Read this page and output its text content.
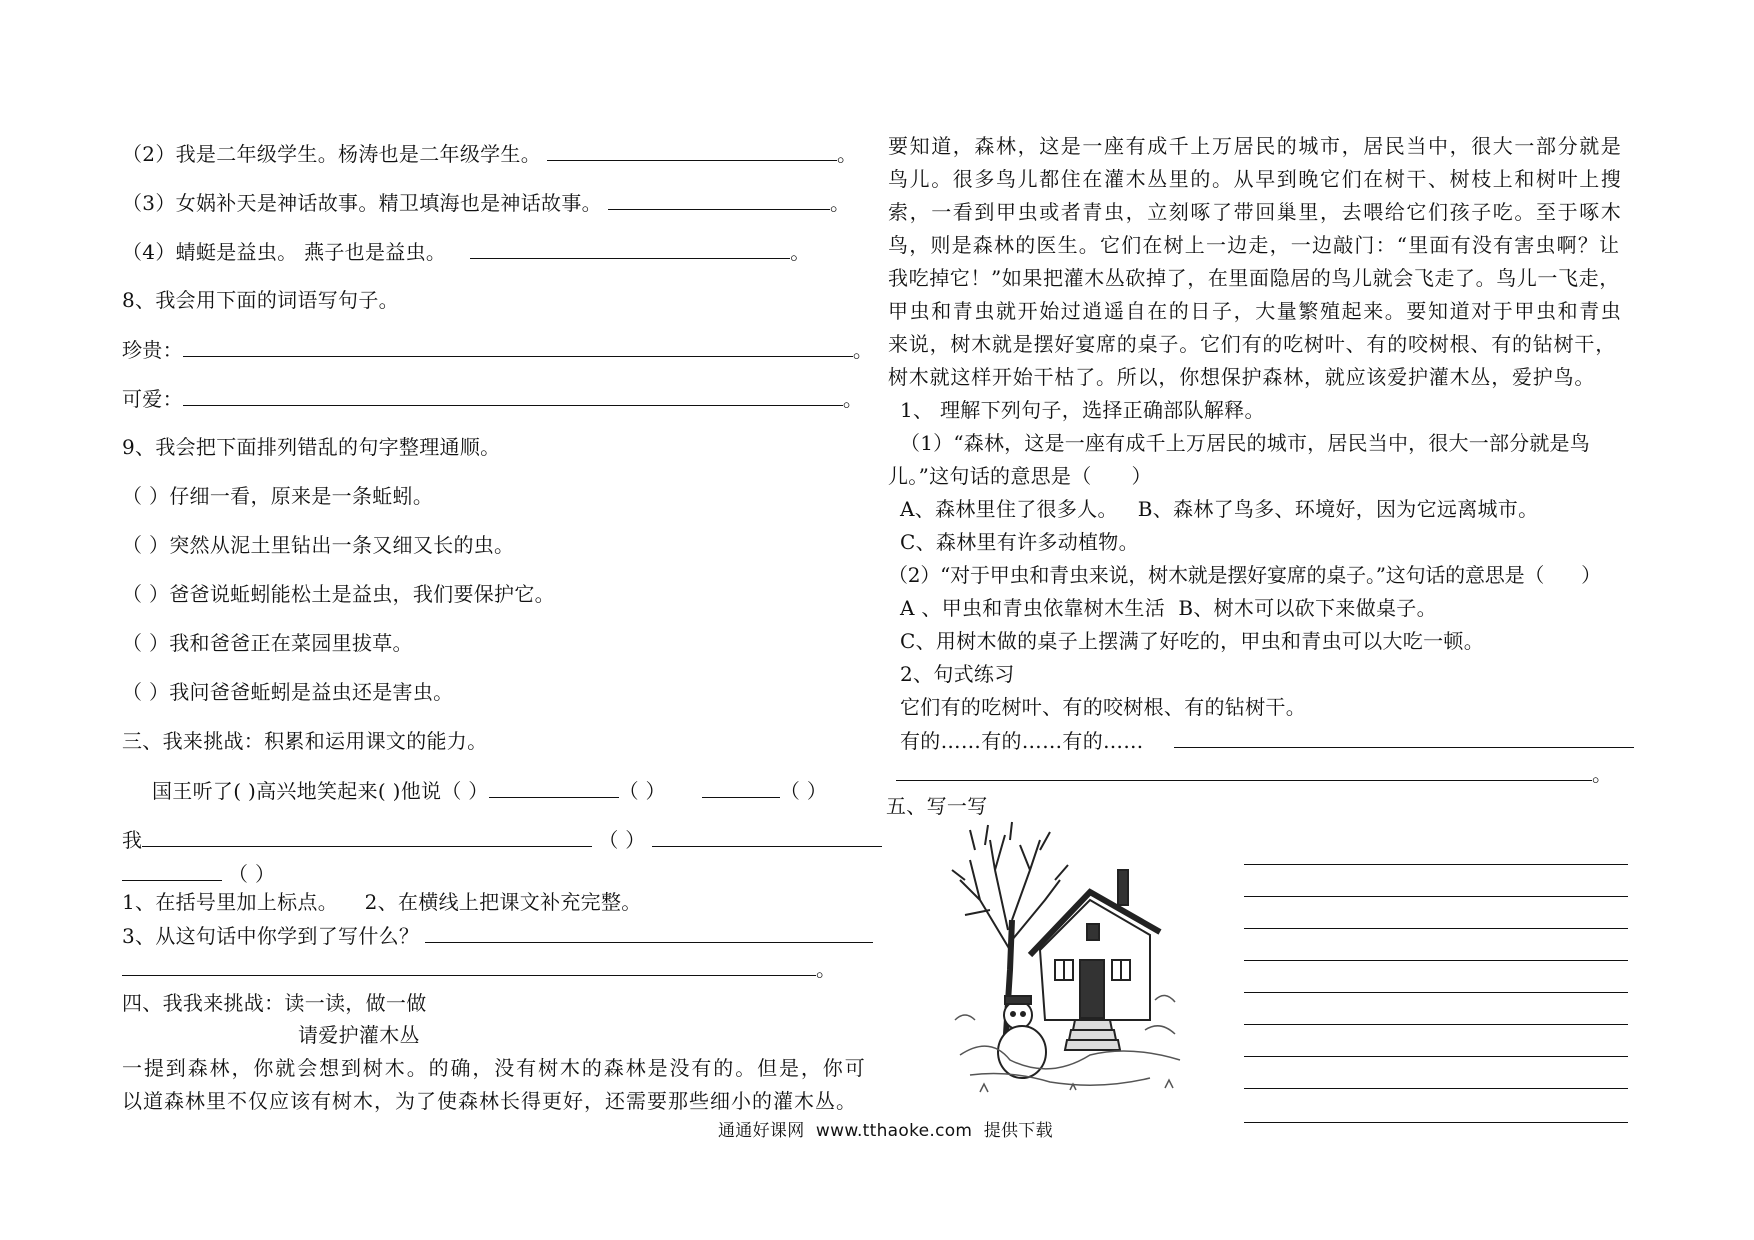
（2）我是二年级学生。杨涛也是二年级学生。	。
（3）女娲补天是神话故事。精卫填海也是神话故事。	。
（4）蜻蜓是益虫。 燕子也是益虫。	。
8、我会用下面的词语写句子。
珍贵：	。
可爱：	。
9、我会把下面排列错乱的句字整理通顺。
（ ）仔细一看，原来是一条蚯蚓。
（ ）突然从泥土里钻出一条又细又长的虫。
（ ）爸爸说蚯蚓能松土是益虫，我们要保护它。
（ ）我和爸爸正在菜园里拔草。
（ ）我问爸爸蚯蚓是益虫还是害虫。
三、我来挑战：积累和运用课文的能力。
国王听了( )高兴地笑起来( )他说（ ）	（ ）	（ ）
我	（ ）
（ ）
1、在括号里加上标点。    2、在横线上把课文补充完整。
3、从这句话中你学到了写什么？
。
四、我我来挑战：读一读，做一做
请爱护灌木丛
一提到森林，你就会想到树木。的确，没有树木的森林是没有的。但是，你可
以道森林里不仅应该有树木，为了使森林长得更好，还需要那些细小的灌木丛。
要知道，森林，这是一座有成千上万居民的城市，居民当中，很大一部分就是
鸟儿。很多鸟儿都住在灌木丛里的。从早到晚它们在树干、树枝上和树叶上搜
索，一看到甲虫或者青虫，立刻啄了带回巢里，去喂给它们孩子吃。至于啄木
鸟，则是森林的医生。它们在树上一边走，一边敲门：“里面有没有害虫啊？让
我吃掉它！”如果把灌木丛砍掉了，在里面隐居的鸟儿就会飞走了。鸟儿一飞走，
甲虫和青虫就开始过逍遥自在的日子，大量繁殖起来。要知道对于甲虫和青虫
来说，树木就是摆好宴席的桌子。它们有的吃树叶、有的咬树根、有的钻树干，
树木就这样开始干枯了。所以，你想保护森林，就应该爱护灌木丛，爱护鸟。
1、 理解下列句子，选择正确部队解释。
（1）“森林，这是一座有成千上万居民的城市，居民当中，很大一部分就是鸟
儿。”这句话的意思是（      ）
A、森林里住了很多人。   B、森林了鸟多、环境好，因为它远离城市。
C、森林里有许多动植物。
（2）“对于甲虫和青虫来说，树木就是摆好宴席的桌子。”这句话的意思是（      ）
A 、甲虫和青虫依靠树木生活  B、树木可以砍下来做桌子。
C、用树木做的桌子上摆满了好吃的，甲虫和青虫可以大吃一顿。
2、句式练习
它们有的吃树叶、有的咬树根、有的钻树干。
有的……有的……有的……
。
五、写一写
通通好课网  www.tthaoke.com  提供下载
